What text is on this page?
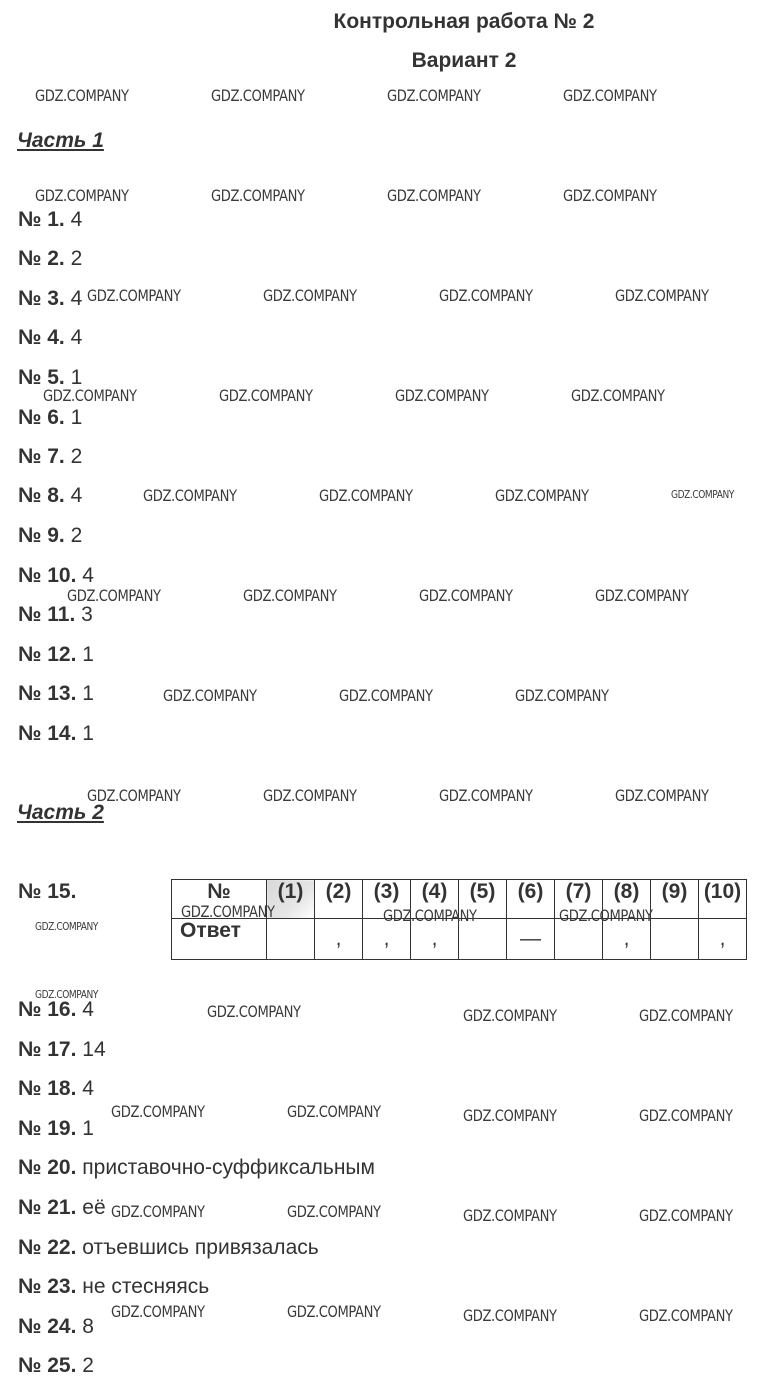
Контрольная работа № 2
Вариант 2
Часть 1
№ 1. 4
№ 2. 2
№ 3. 4
№ 4. 4
№ 5. 1
№ 6. 1
№ 7. 2
№ 8. 4
№ 9. 2
№ 10. 4
№ 11. 3
№ 12. 1
№ 13. 1
№ 14. 1
Часть 2
№ 15.	№	(1)	(2)	(3)	(4)	(5)	(6)	(7)	(8)	(9)	(10)
Ответ		,	,	,		—		,		,
№ 16. 4
№ 17. 14
№ 18. 4
№ 19. 1
№ 20. приставочно-суффиксальным
№ 21. её
№ 22. отъевшись привязалась
№ 23. не стесняясь
№ 24. 8
№ 25. 2
GDZ.COMPANY	GDZ.COMPANY	GDZ.COMPANY	GDZ.COMPANY
GDZ.COMPANY	GDZ.COMPANY	GDZ.COMPANY	GDZ.COMPANY
GDZ.COMPANY	GDZ.COMPANY	GDZ.COMPANY	GDZ.COMPANY
GDZ.COMPANY	GDZ.COMPANY	GDZ.COMPANY	GDZ.COMPANY
GDZ.COMPANY	GDZ.COMPANY	GDZ.COMPANY
GDZ.COMPANY	GDZ.COMPANY	GDZ.COMPANY	GDZ.COMPANY
GDZ.COMPANY	GDZ.COMPANY	GDZ.COMPANY
GDZ.COMPANY	GDZ.COMPANY	GDZ.COMPANY	GDZ.COMPANY
GDZ.COMPANY	GDZ.COMPANY	GDZ.COMPANY
GDZ.COMPANY	GDZ.COMPANY	GDZ.COMPANY
GDZ.COMPANY	GDZ.COMPANY	GDZ.COMPANY	GDZ.COMPANY
GDZ.COMPANY	GDZ.COMPANY	GDZ.COMPANY	GDZ.COMPANY
GDZ.COMPANY	GDZ.COMPANY	GDZ.COMPANY	GDZ.COMPANY
GDZ.COMPANY
GDZ.COMPANY
GDZ.COMPANY
